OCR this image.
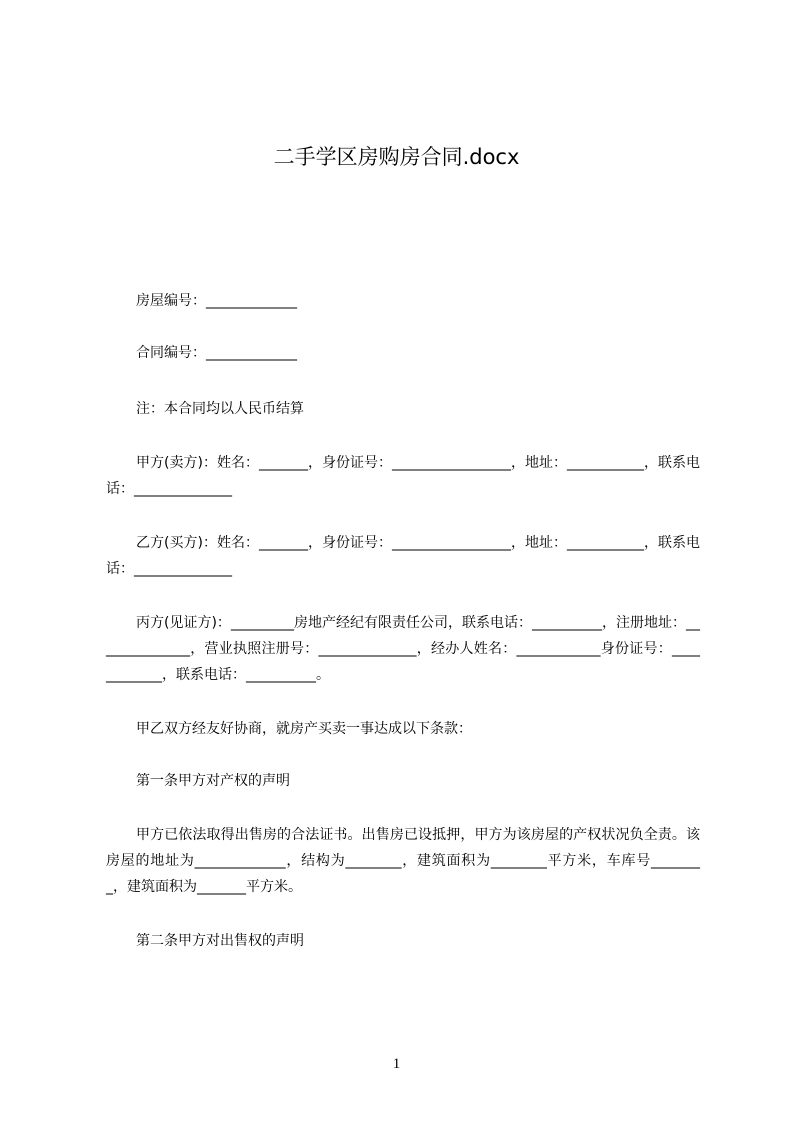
二手学区房购房合同.docx
房屋编号：_____________
合同编号：_____________
注：本合同均以人民币结算
甲方(卖方)：姓名：_______，身份证号：_________________，地址：___________，联系电话：______________
乙方(买方)：姓名：_______，身份证号：_________________，地址：___________，联系电话：______________
丙方(见证方)：_________房地产经纪有限责任公司，联系电话：__________，注册地址：______________，营业执照注册号：______________，经办人姓名：____________身份证号：____________，联系电话：__________。
甲乙双方经友好协商，就房产买卖一事达成以下条款：
第一条甲方对产权的声明
甲方已依法取得出售房的合法证书。出售房已设抵押，甲方为该房屋的产权状况负全责。该房屋的地址为_____________，结构为________，建筑面积为________平方米，车库号________，建筑面积为_______平方米。
第二条甲方对出售权的声明
1
